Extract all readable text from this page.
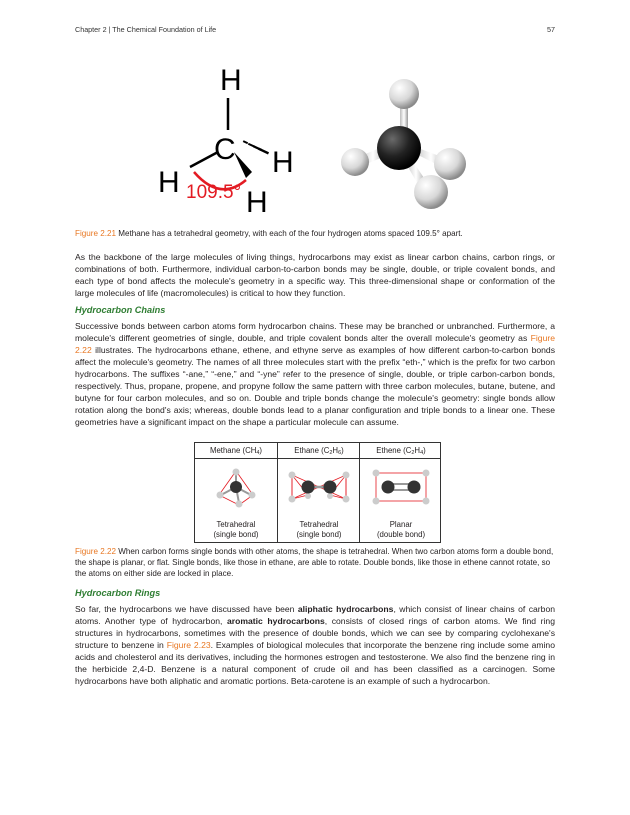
Chapter 2 | The Chemical Foundation of Life	57
H
C
H
H
H
109.5°
Figure 2.21 Methane has a tetrahedral geometry, with each of the four hydrogen atoms spaced 109.5° apart.

As the backbone of the large molecules of living things, hydrocarbons may exist as linear carbon chains, carbon rings, or combinations of both. Furthermore, individual carbon-to-carbon bonds may be single, double, or triple covalent bonds, and each type of bond affects the molecule's geometry in a specific way. This three-dimensional shape or conformation of the large molecules of life (macromolecules) is critical to how they function.

Hydrocarbon Chains

Successive bonds between carbon atoms form hydrocarbon chains. These may be branched or unbranched. Furthermore, a molecule's different geometries of single, double, and triple covalent bonds alter the overall molecule's geometry as Figure 2.22 illustrates. The hydrocarbons ethane, ethene, and ethyne serve as examples of how different carbon-to-carbon bonds affect the molecule's geometry. The names of all three molecules start with the prefix “eth-,” which is the prefix for two carbon hydrocarbons. The suffixes “-ane,” “-ene,” and “-yne” refer to the presence of single, double, or triple carbon-carbon bonds, respectively. Thus, propane, propene, and propyne follow the same pattern with three carbon molecules, butane, butene, and butyne for four carbon molecules, and so on. Double and triple bonds change the molecule's geometry: single bonds allow rotation along the bond's axis; whereas, double bonds lead to a planar configuration and triple bonds to a linear one. These geometries have a significant impact on the shape a particular molecule can assume.

Methane $(CH_4)$
Tetrahedral
(single bond)
Ethane $(C_2H_6)$
Tetrahedral
(single bond)
Ethene $(C_2H_4)$
Planar
(double bond)
Figure 2.22 When carbon forms single bonds with other atoms, the shape is tetrahedral. When two carbon atoms form a double bond, the shape is planar, or flat. Single bonds, like those in ethane, are able to rotate. Double bonds, like those in ethene cannot rotate, so the atoms on either side are locked in place.
Hydrocarbon Rings

So far, the hydrocarbons we have discussed have been aliphatic hydrocarbons, which consist of linear chains of carbon atoms. Another type of hydrocarbon, aromatic hydrocarbons, consists of closed rings of carbon atoms. We find ring structures in hydrocarbons, sometimes with the presence of double bonds, which we can see by comparing cyclohexane's structure to benzene in Figure 2.23. Examples of biological molecules that incorporate the benzene ring include some amino acids and cholesterol and its derivatives, including the hormones estrogen and testosterone. We also find the benzene ring in the herbicide 2,4-D. Benzene is a natural component of crude oil and has been classified as a carcinogen. Some hydrocarbons have both aliphatic and aromatic portions. Beta-carotene is an example of such a hydrocarbon.
